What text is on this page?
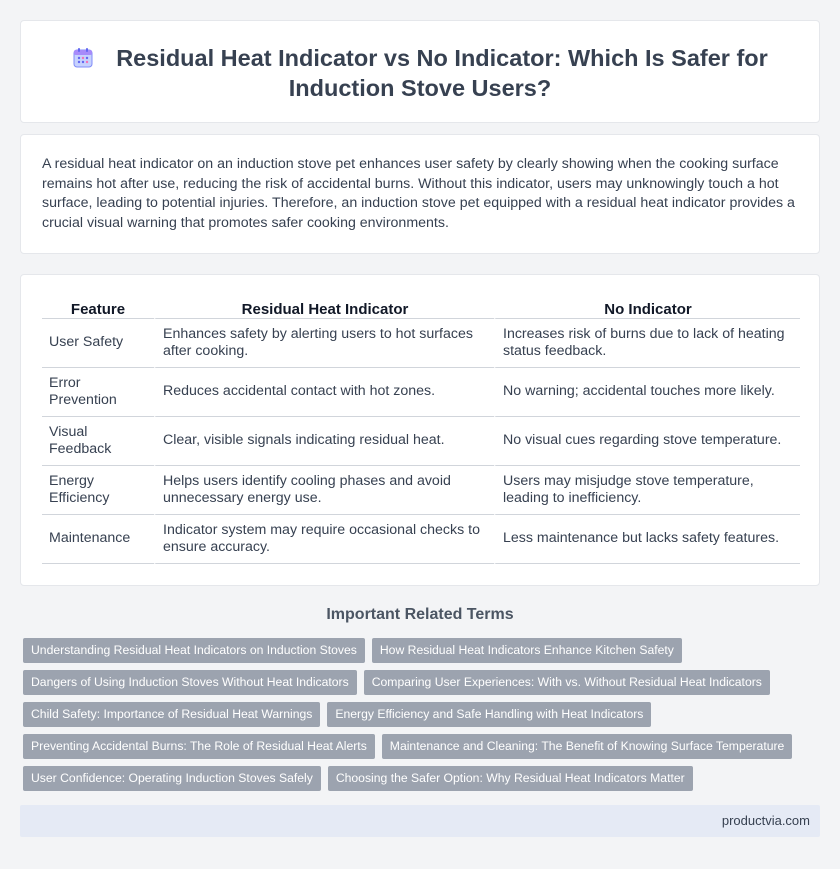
Residual Heat Indicator vs No Indicator: Which Is Safer for Induction Stove Users?

A residual heat indicator on an induction stove pet enhances user safety by clearly showing when the cooking surface remains hot after use, reducing the risk of accidental burns. Without this indicator, users may unknowingly touch a hot surface, leading to potential injuries. Therefore, an induction stove pet equipped with a residual heat indicator provides a crucial visual warning that promotes safer cooking environments.

Feature	Residual Heat Indicator	No Indicator
User Safety	Enhances safety by alerting users to hot surfaces after cooking.	Increases risk of burns due to lack of heating status feedback.
Error Prevention	Reduces accidental contact with hot zones.	No warning; accidental touches more likely.
Visual Feedback	Clear, visible signals indicating residual heat.	No visual cues regarding stove temperature.
Energy Efficiency	Helps users identify cooling phases and avoid unnecessary energy use.	Users may misjudge stove temperature, leading to inefficiency.
Maintenance	Indicator system may require occasional checks to ensure accuracy.	Less maintenance but lacks safety features.
Important Related Terms
Understanding Residual Heat Indicators on Induction Stoves	How Residual Heat Indicators Enhance Kitchen Safety
Dangers of Using Induction Stoves Without Heat Indicators	Comparing User Experiences: With vs. Without Residual Heat Indicators
Child Safety: Importance of Residual Heat Warnings	Energy Efficiency and Safe Handling with Heat Indicators
Preventing Accidental Burns: The Role of Residual Heat Alerts	Maintenance and Cleaning: The Benefit of Knowing Surface Temperature
User Confidence: Operating Induction Stoves Safely	Choosing the Safer Option: Why Residual Heat Indicators Matter
productvia.com
